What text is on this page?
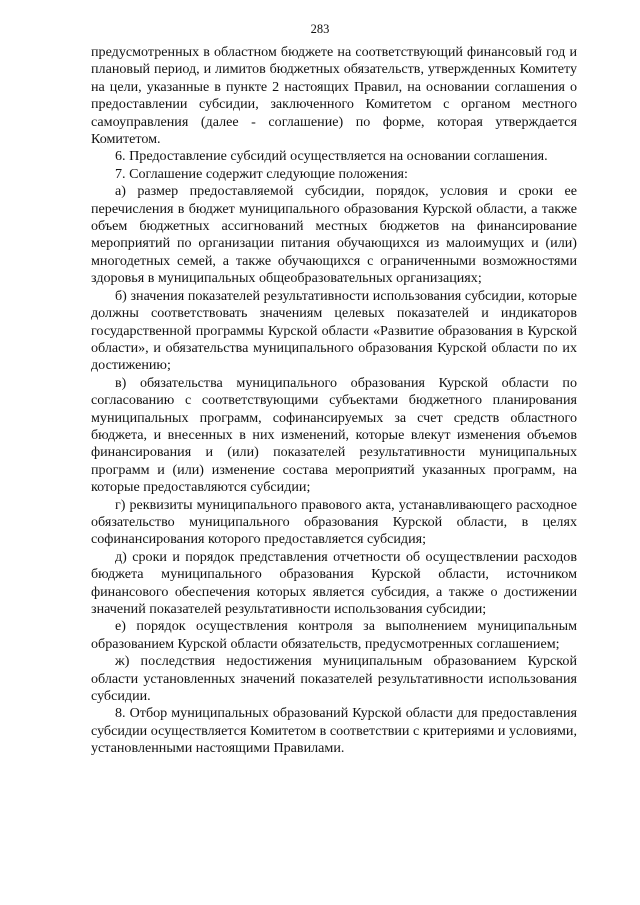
283

предусмотренных в областном бюджете на соответствующий финансовый год и плановый период, и лимитов бюджетных обязательств, утвержденных Комитету на цели, указанные в пункте 2 настоящих Правил, на основании соглашения о предоставлении субсидии, заключенного Комитетом с органом местного самоуправления (далее - соглашение) по форме, которая утверждается Комитетом.

6. Предоставление субсидий осуществляется на основании соглашения.

7. Соглашение содержит следующие положения:

а) размер предоставляемой субсидии, порядок, условия и сроки ее перечисления в бюджет муниципального образования Курской области, а также объем бюджетных ассигнований местных бюджетов на финансирование мероприятий по организации питания обучающихся из малоимущих и (или) многодетных семей, а также обучающихся с ограниченными возможностями здоровья в муниципальных общеобразовательных организациях;

б) значения показателей результативности использования субсидии, которые должны соответствовать значениям целевых показателей и индикаторов государственной программы Курской области «Развитие образования в Курской области», и обязательства муниципального образования Курской области по их достижению;

в) обязательства муниципального образования Курской области по согласованию с соответствующими субъектами бюджетного планирования муниципальных программ, софинансируемых за счет средств областного бюджета, и внесенных в них изменений, которые влекут изменения объемов финансирования и (или) показателей результативности муниципальных программ и (или) изменение состава мероприятий указанных программ, на которые предоставляются субсидии;

г) реквизиты муниципального правового акта, устанавливающего расходное обязательство муниципального образования Курской области, в целях софинансирования которого предоставляется субсидия;

д) сроки и порядок представления отчетности об осуществлении расходов бюджета муниципального образования Курской области, источником финансового обеспечения которых является субсидия, а также о достижении значений показателей результативности использования субсидии;

е) порядок осуществления контроля за выполнением муниципальным образованием Курской области обязательств, предусмотренных соглашением;

ж) последствия недостижения муниципальным образованием Курской области установленных значений показателей результативности использования субсидии.

8. Отбор муниципальных образований Курской области для предоставления субсидии осуществляется Комитетом в соответствии с критериями и условиями, установленными настоящими Правилами.
